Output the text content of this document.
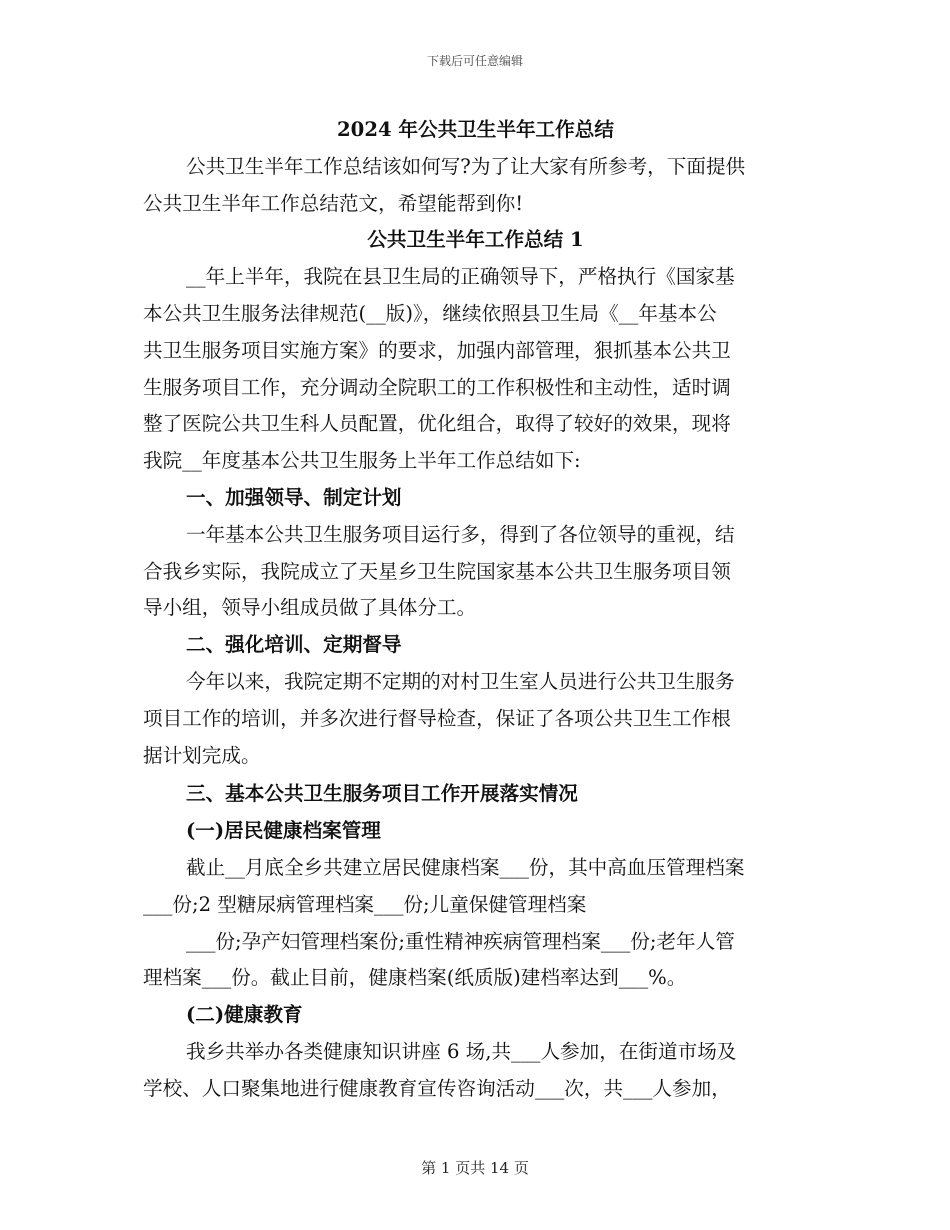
下载后可任意编辑
2024 年公共卫生半年工作总结
公共卫生半年工作总结该如何写?为了让大家有所参考，下面提供
公共卫生半年工作总结范文，希望能帮到你!
公共卫生半年工作总结 1
__年上半年，我院在县卫生局的正确领导下，严格执行《国家基
本公共卫生服务法律规范(__版)》，继续依照县卫生局《__年基本公
共卫生服务项目实施方案》的要求，加强内部管理，狠抓基本公共卫
生服务项目工作，充分调动全院职工的工作积极性和主动性，适时调
整了医院公共卫生科人员配置，优化组合，取得了较好的效果，现将
我院__年度基本公共卫生服务上半年工作总结如下:
一、加强领导、制定计划
一年基本公共卫生服务项目运行多，得到了各位领导的重视，结
合我乡实际，我院成立了天星乡卫生院国家基本公共卫生服务项目领
导小组，领导小组成员做了具体分工。
二、强化培训、定期督导
今年以来，我院定期不定期的对村卫生室人员进行公共卫生服务
项目工作的培训，并多次进行督导检查，保证了各项公共卫生工作根
据计划完成。
三、基本公共卫生服务项目工作开展落实情况
(一)居民健康档案管理
截止__月底全乡共建立居民健康档案___份，其中高血压管理档案
___份;2 型糖尿病管理档案___份;儿童保健管理档案
___份;孕产妇管理档案份;重性精神疾病管理档案___份;老年人管
理档案___份。截止目前，健康档案(纸质版)建档率达到___%。
(二)健康教育
我乡共举办各类健康知识讲座 6 场,共___人参加，在街道市场及
学校、人口聚集地进行健康教育宣传咨询活动___次，共___人参加，
第 1 页共 14 页
